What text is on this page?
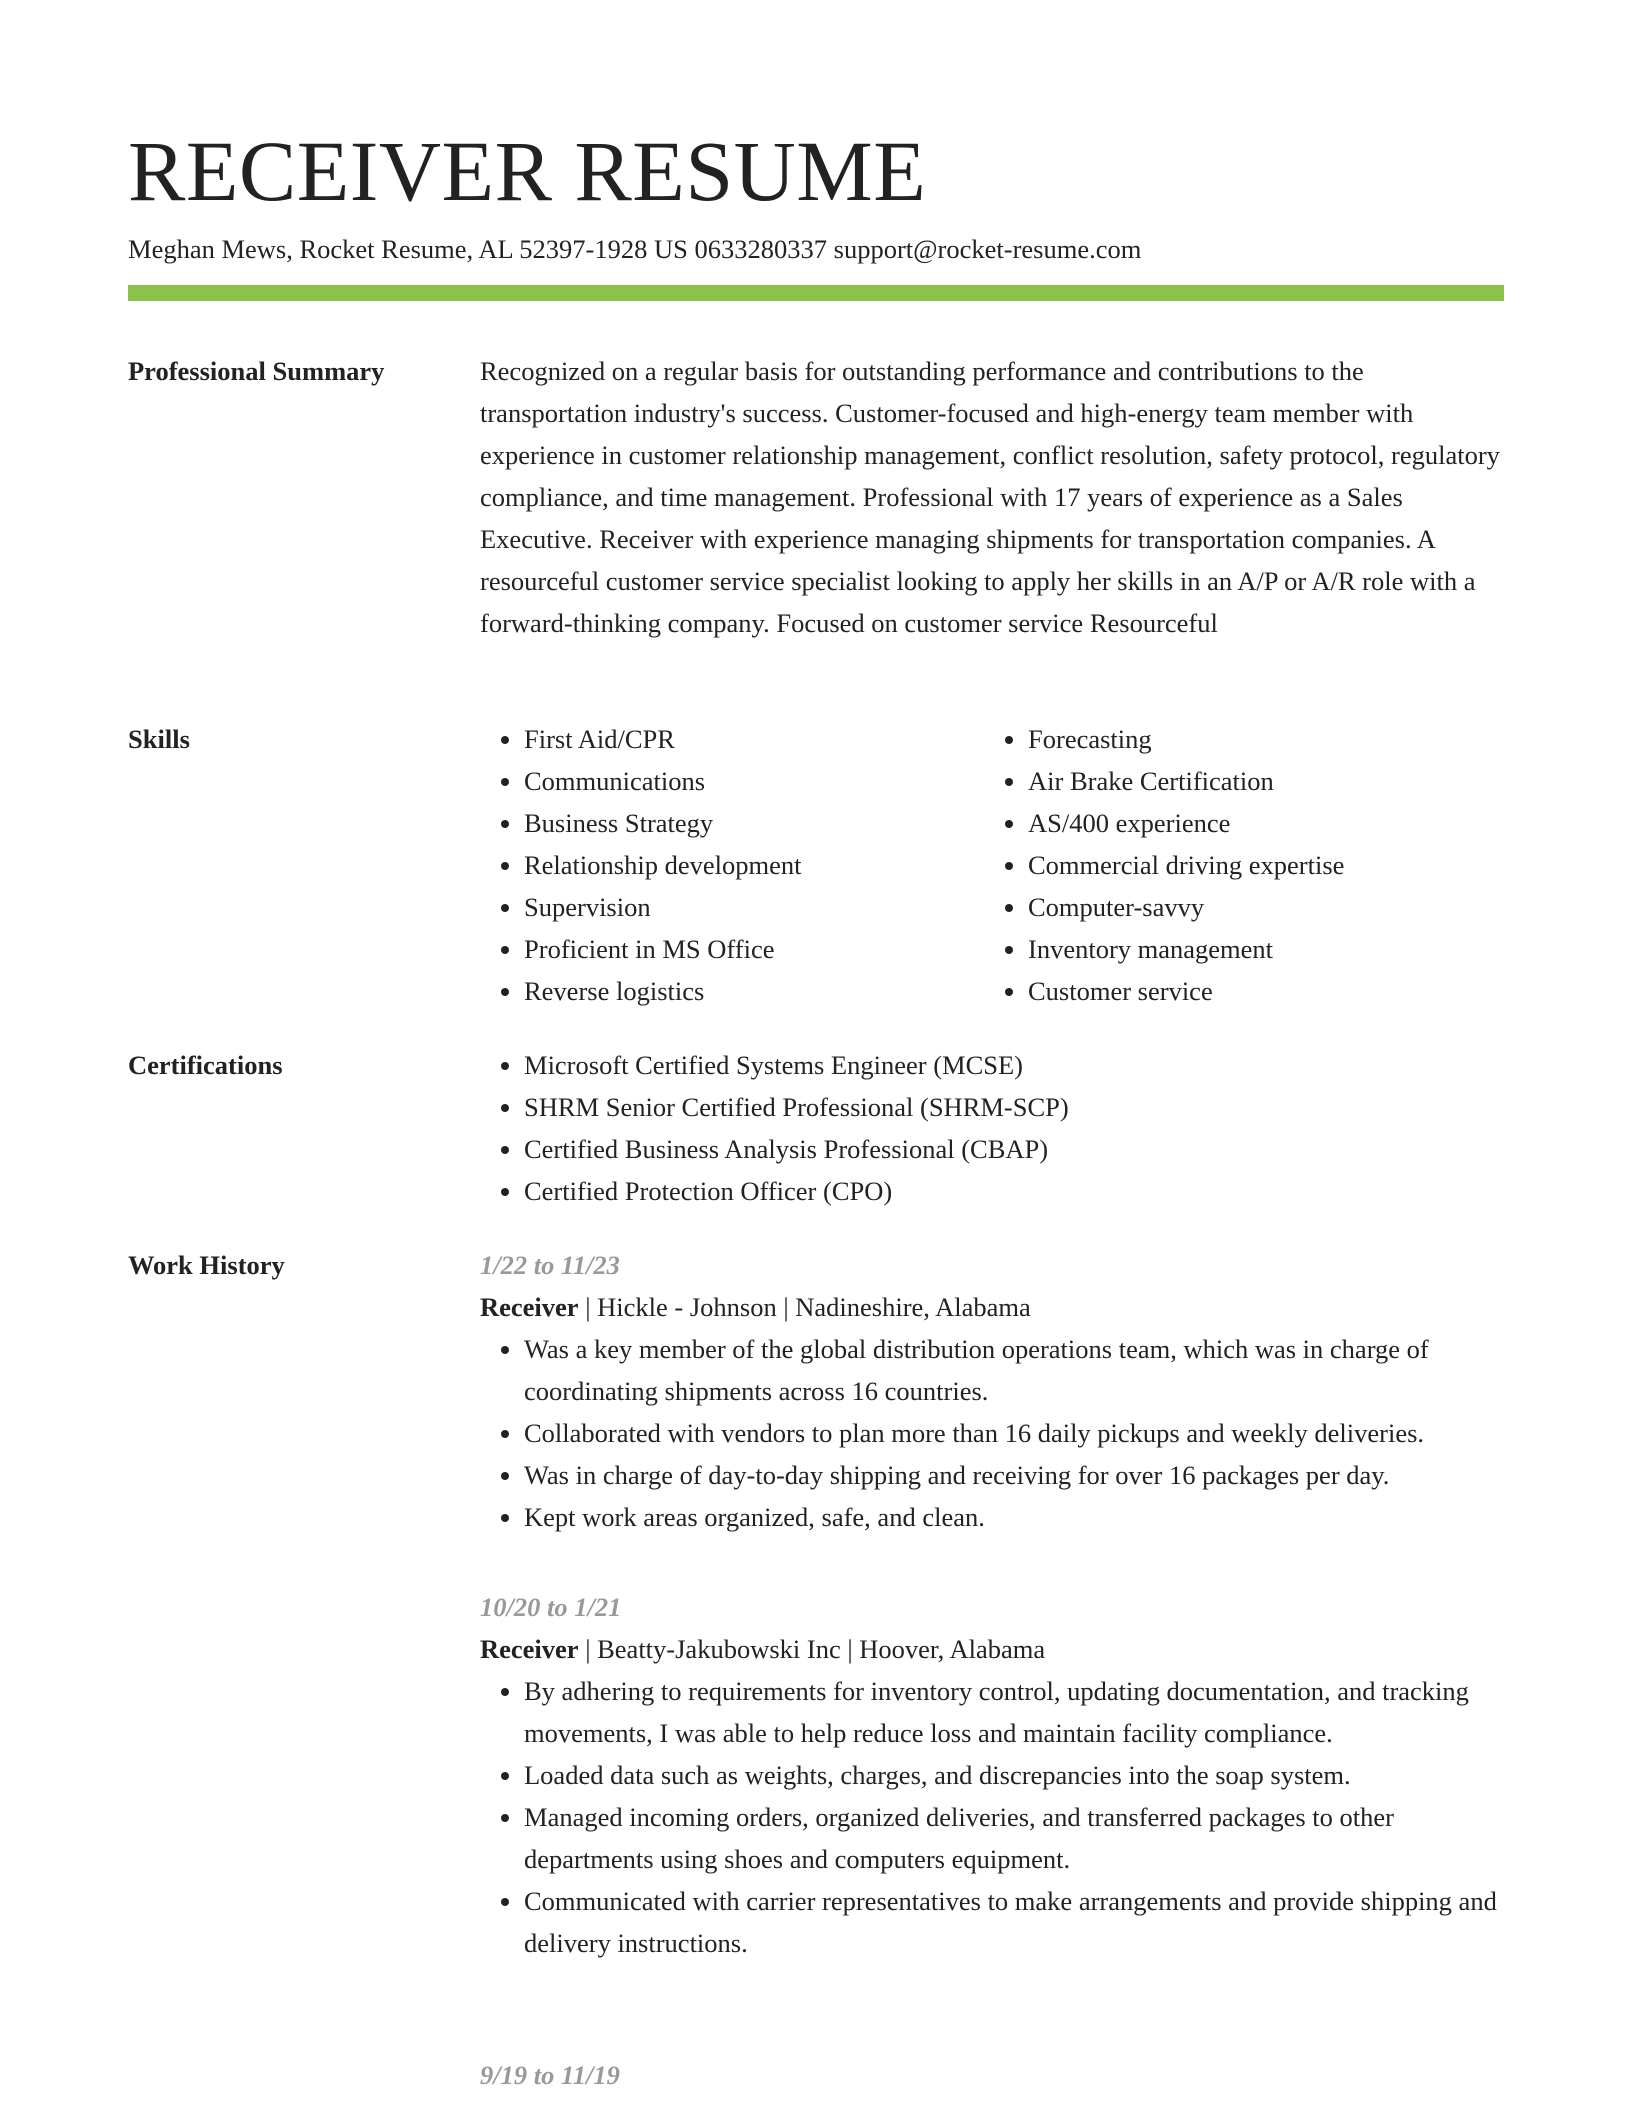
RECEIVER RESUME
Meghan Mews, Rocket Resume, AL 52397-1928 US 0633280337 support@rocket-resume.com
Professional Summary	Recognized on a regular basis for outstanding performance and contributions to the transportation industry's success. Customer-focused and high-energy team member with experience in customer relationship management, conflict resolution, safety protocol, regulatory compliance, and time management. Professional with 17 years of experience as a Sales Executive. Receiver with experience managing shipments for transportation companies. A resourceful customer service specialist looking to apply her skills in an A/P or A/R role with a forward-thinking company. Focused on customer service Resourceful

Skills	• First Aid/CPR
• Communications
• Business Strategy
• Relationship development
• Supervision
• Proficient in MS Office
• Reverse logistics
• Forecasting
• Air Brake Certification
• AS/400 experience
• Commercial driving expertise
• Computer-savvy
• Inventory management
• Customer service
Certifications	• Microsoft Certified Systems Engineer (MCSE)
• SHRM Senior Certified Professional (SHRM-SCP)
• Certified Business Analysis Professional (CBAP)
• Certified Protection Officer (CPO)
Work History	1/22 to 11/23
Receiver | Hickle - Johnson | Nadineshire, Alabama
• Was a key member of the global distribution operations team, which was in charge of coordinating shipments across 16 countries.
• Collaborated with vendors to plan more than 16 daily pickups and weekly deliveries.
• Was in charge of day-to-day shipping and receiving for over 16 packages per day.
• Kept work areas organized, safe, and clean.
10/20 to 1/21
Receiver | Beatty-Jakubowski Inc | Hoover, Alabama
• By adhering to requirements for inventory control, updating documentation, and tracking movements, I was able to help reduce loss and maintain facility compliance.
• Loaded data such as weights, charges, and discrepancies into the soap system.
• Managed incoming orders, organized deliveries, and transferred packages to other departments using shoes and computers equipment.
• Communicated with carrier representatives to make arrangements and provide shipping and delivery instructions.
9/19 to 11/19
